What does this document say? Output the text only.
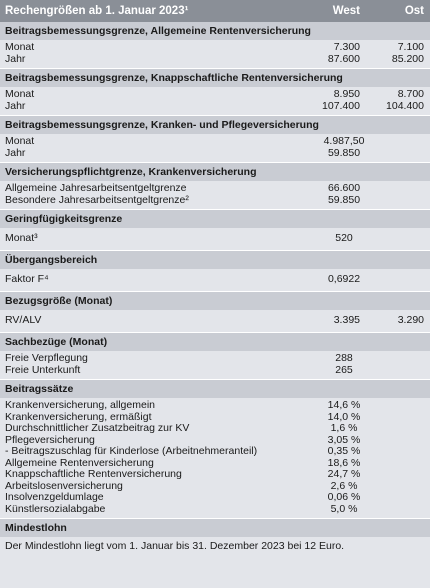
Rechengrößen ab 1. Januar 2023¹	West	Ost
Beitragsbemessungsgrenze, Allgemeine Rentenversicherung
Monat	7.300	7.100
Jahr	87.600	85.200
Beitragsbemessungsgrenze, Knappschaftliche Rentenversicherung
Monat	8.950	8.700
Jahr	107.400	104.400
Beitragsbemessungsgrenze, Kranken- und Pflegeversicherung
Monat	4.987,50
Jahr	59.850
Versicherungspflichtgrenze, Krankenversicherung
Allgemeine Jahresarbeitsentgeltgrenze	66.600
Besondere Jahresarbeitsentgeltgrenze²	59.850
Geringfügigkeitsgrenze
Monat³	520
Übergangsbereich
Faktor F⁴	0,6922
Bezugsgröße (Monat)
RV/ALV	3.395	3.290
Sachbezüge (Monat)
Freie Verpflegung	288
Freie Unterkunft	265
Beitragssätze
Krankenversicherung, allgemein	14,6 %
Krankenversicherung, ermäßigt	14,0 %
Durchschnittlicher Zusatzbeitrag zur KV	1,6 %
Pflegeversicherung	3,05 %
- Beitragszuschlag für Kinderlose (Arbeitnehmeranteil)	0,35 %
Allgemeine Rentenversicherung	18,6 %
Knappschaftliche Rentenversicherung	24,7 %
Arbeitslosenversicherung	2,6 %
Insolvenzgeldumlage	0,06 %
Künstlersozialabgabe	5,0 %
Mindestlohn
Der Mindestlohn liegt vom 1. Januar bis 31. Dezember 2023 bei 12 Euro.
